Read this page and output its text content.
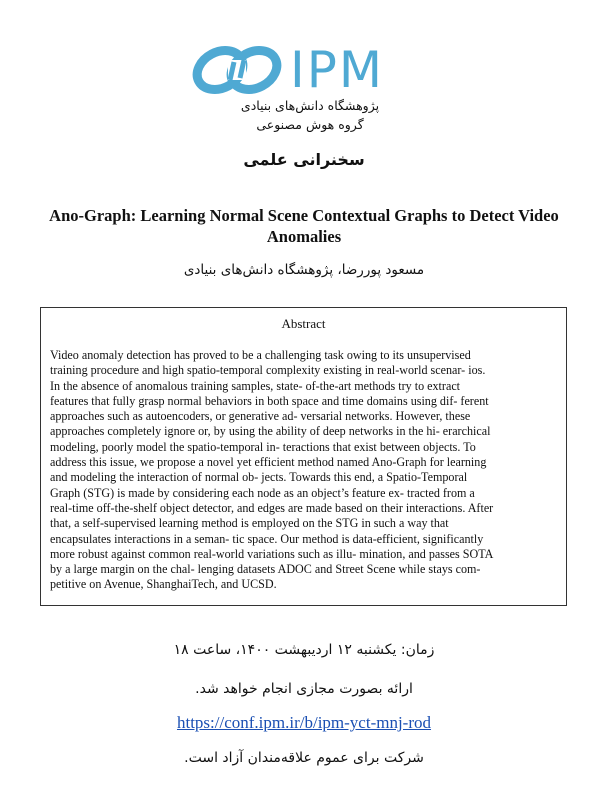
IPM
پژوهشگاه دانش‌های بنیادی
گروه هوش مصنوعی
سخنرانی علمی
Ano-Graph: Learning Normal Scene Contextual Graphs to Detect Video Anomalies
مسعود پوررضا، پژوهشگاه دانش‌های بنیادی
Abstract
Video anomaly detection has proved to be a challenging task owing to its unsupervised
training procedure and high spatio-temporal complexity existing in real-world scenar- ios.
In the absence of anomalous training samples, state- of-the-art methods try to extract
features that fully grasp normal behaviors in both space and time domains using dif- ferent
approaches such as autoencoders, or generative ad- versarial networks. However, these
approaches completely ignore or, by using the ability of deep networks in the hi- erarchical
modeling, poorly model the spatio-temporal in- teractions that exist between objects. To
address this issue, we propose a novel yet efficient method named Ano-Graph for learning
and modeling the interaction of normal ob- jects. Towards this end, a Spatio-Temporal
Graph (STG) is made by considering each node as an object’s feature ex- tracted from a
real-time off-the-shelf object detector, and edges are made based on their interactions. After
that, a self-supervised learning method is employed on the STG in such a way that
encapsulates interactions in a seman- tic space. Our method is data-efficient, significantly
more robust against common real-world variations such as illu- mination, and passes SOTA
by a large margin on the chal- lenging datasets ADOC and Street Scene while stays com-
petitive on Avenue, ShanghaiTech, and UCSD.
زمان: یکشنبه ۱۲ اردیبهشت ۱۴۰۰، ساعت ۱۸
ارائه بصورت مجازی انجام خواهد شد.
https://conf.ipm.ir/b/ipm-yct-mnj-rod
شرکت برای عموم علاقه‌مندان آزاد است.
